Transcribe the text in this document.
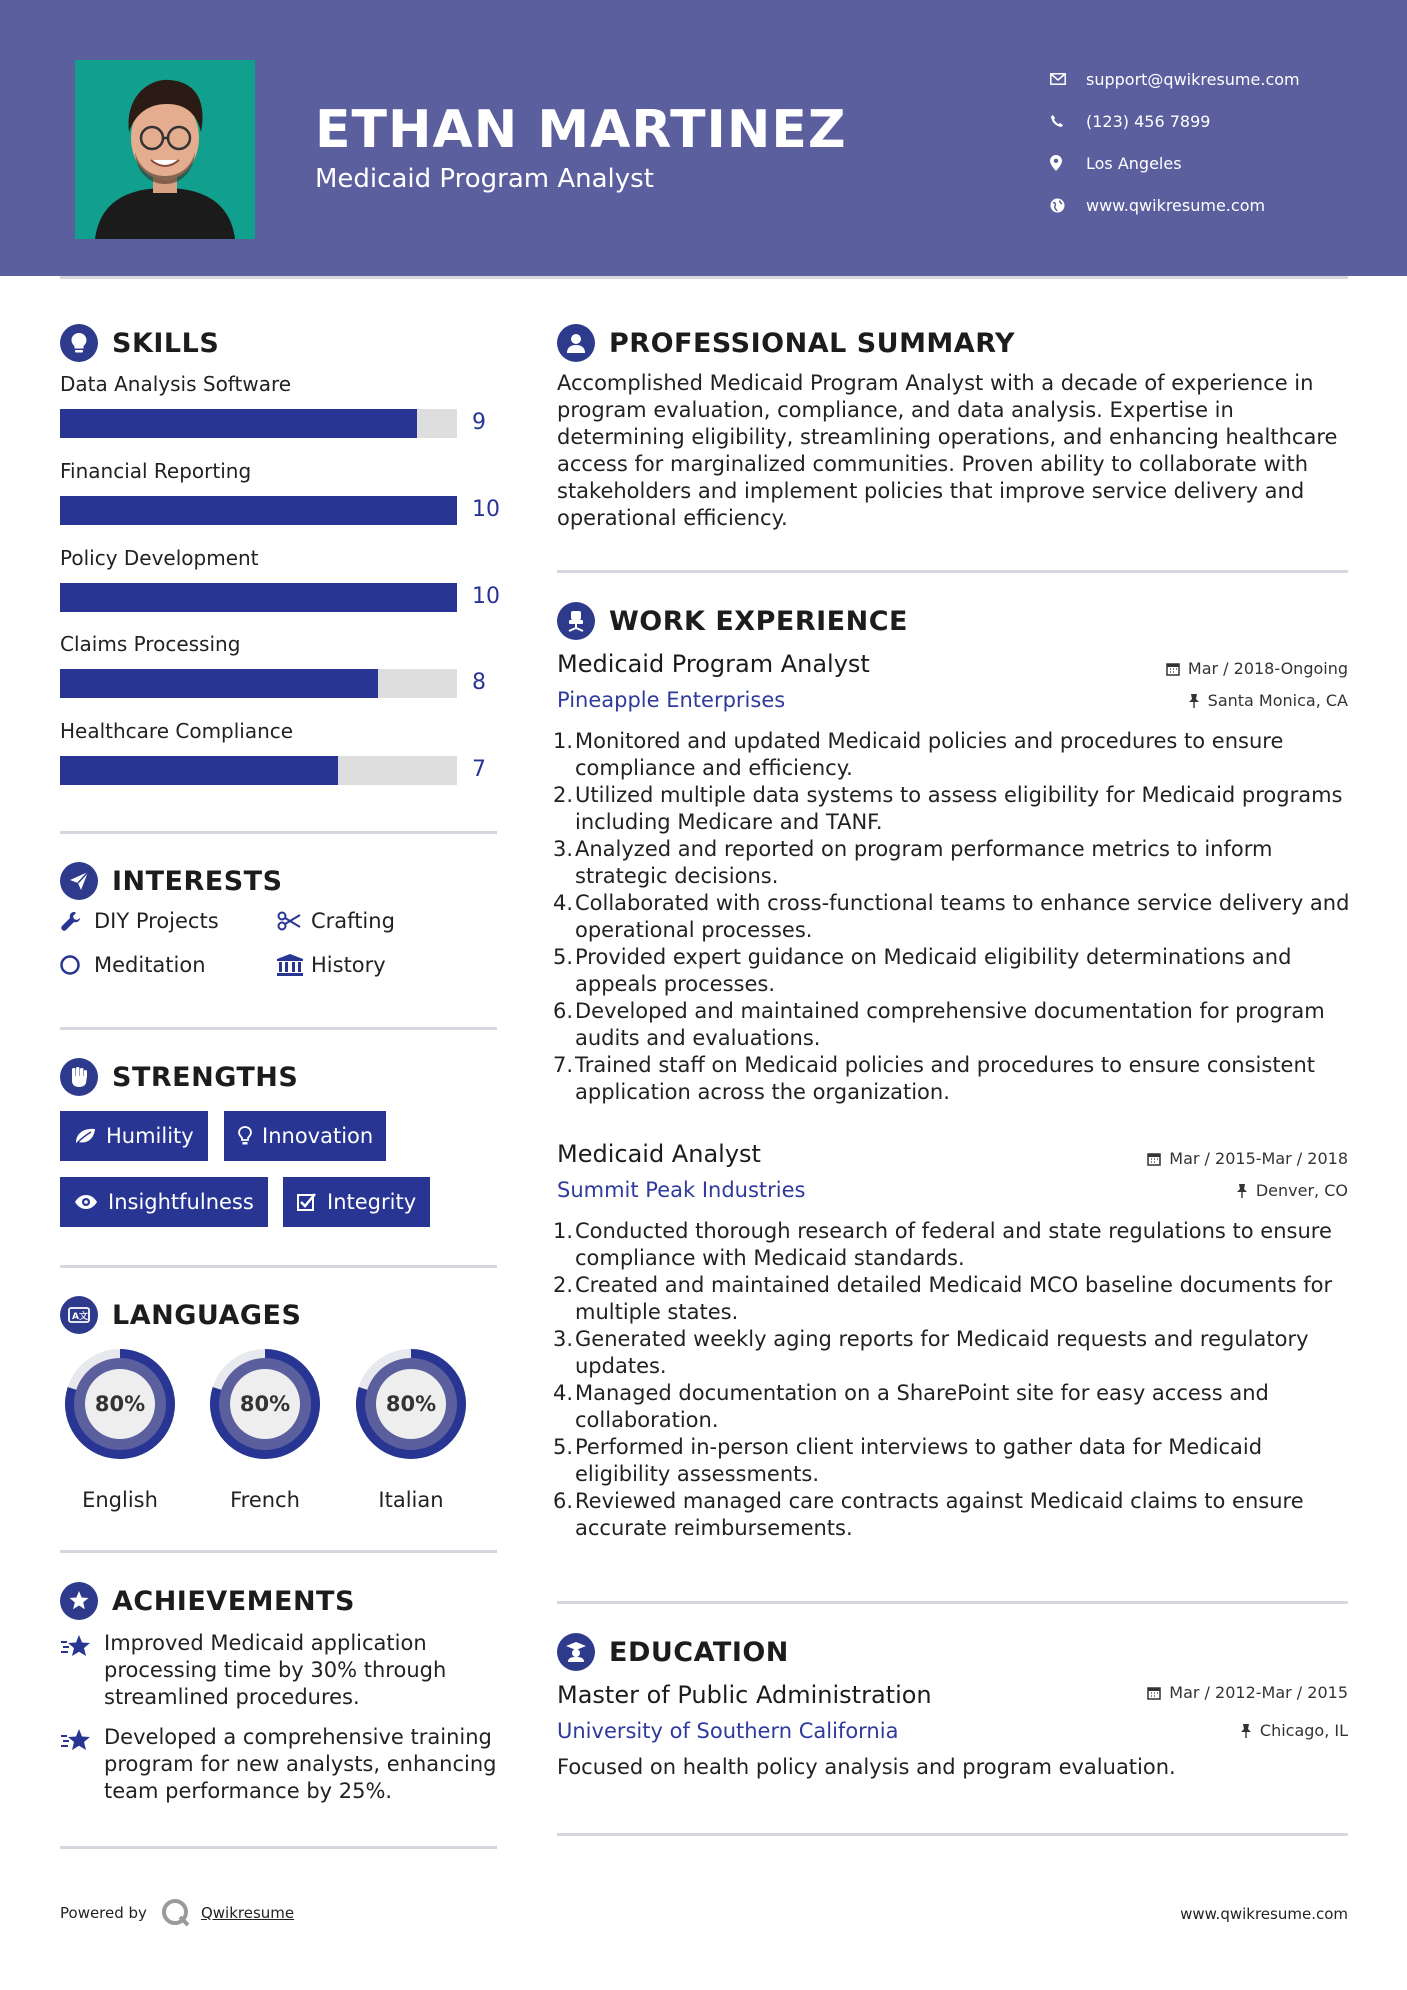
ETHAN MARTINEZ
Medicaid Program Analyst
support@qwikresume.com
(123) 456 7899
Los Angeles
www.qwikresume.com
SKILLS
Data Analysis Software
9
Financial Reporting
10
Policy Development
10
Claims Processing
8
Healthcare Compliance
7
INTERESTS
DIY Projects	Crafting
Meditation	History
STRENGTHS
Humility	Innovation
Insightfulness	Integrity
A文 LANGUAGES
80%
English
80%
French
80%
Italian
ACHIEVEMENTS
Improved Medicaid application processing time by 30% through streamlined procedures.
Developed a comprehensive training program for new analysts, enhancing team performance by 25%.
PROFESSIONAL SUMMARY
Accomplished Medicaid Program Analyst with a decade of experience in program evaluation, compliance, and data analysis. Expertise in determining eligibility, streamlining operations, and enhancing healthcare access for marginalized communities. Proven ability to collaborate with stakeholders and implement policies that improve service delivery and operational efficiency.
WORK EXPERIENCE
Medicaid Program Analyst	Mar / 2018-Ongoing
Pineapple Enterprises	Santa Monica, CA
1. Monitored and updated Medicaid policies and procedures to ensure compliance and efficiency.
2. Utilized multiple data systems to assess eligibility for Medicaid programs including Medicare and TANF.
3. Analyzed and reported on program performance metrics to inform strategic decisions.
4. Collaborated with cross-functional teams to enhance service delivery and operational processes.
5. Provided expert guidance on Medicaid eligibility determinations and appeals processes.
6. Developed and maintained comprehensive documentation for program audits and evaluations.
7. Trained staff on Medicaid policies and procedures to ensure consistent application across the organization.
Medicaid Analyst	Mar / 2015-Mar / 2018
Summit Peak Industries	Denver, CO
1. Conducted thorough research of federal and state regulations to ensure compliance with Medicaid standards.
2. Created and maintained detailed Medicaid MCO baseline documents for multiple states.
3. Generated weekly aging reports for Medicaid requests and regulatory updates.
4. Managed documentation on a SharePoint site for easy access and collaboration.
5. Performed in-person client interviews to gather data for Medicaid eligibility assessments.
6. Reviewed managed care contracts against Medicaid claims to ensure accurate reimbursements.
EDUCATION
Master of Public Administration	Mar / 2012-Mar / 2015
University of Southern California	Chicago, IL
Focused on health policy analysis and program evaluation.
Powered by	Qwikresume	www.qwikresume.com
